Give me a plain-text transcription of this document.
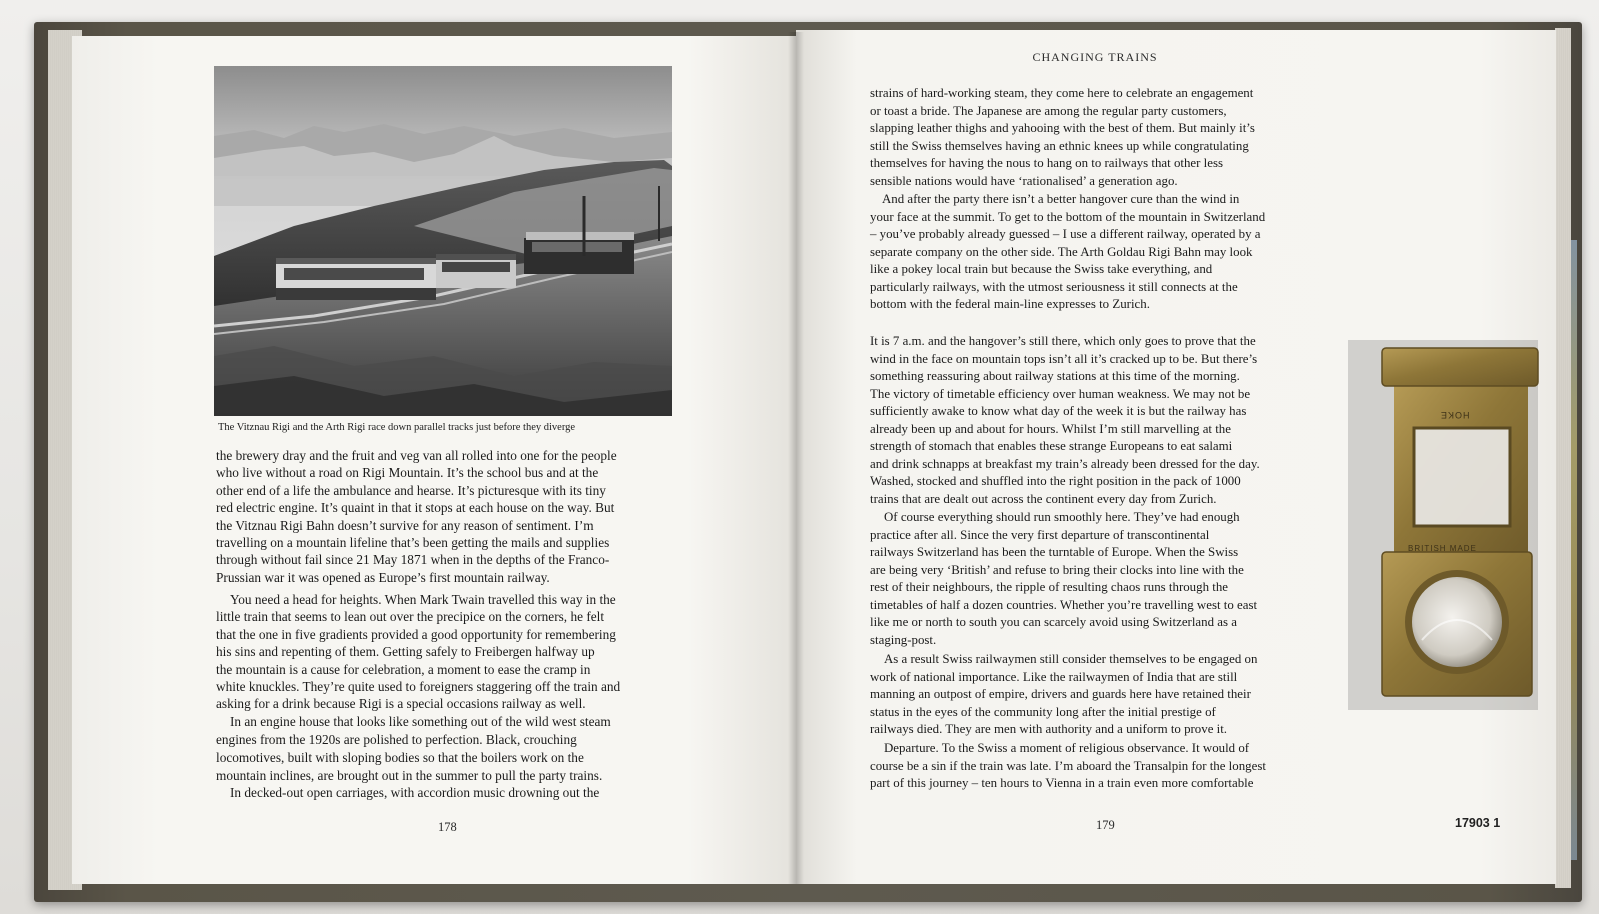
The Vitznau Rigi and the Arth Rigi race down parallel tracks just before they diverge
CHANGING TRAINS
the brewery dray and the fruit and veg van all rolled into one for the people
who live without a road on Rigi Mountain. It’s the school bus and at the
other end of a life the ambulance and hearse. It’s picturesque with its tiny
red electric engine. It’s quaint in that it stops at each house on the way. But
the Vitznau Rigi Bahn doesn’t survive for any reason of sentiment. I’m
travelling on a mountain lifeline that’s been getting the mails and supplies
through without fail since 21 May 1871 when in the depths of the Franco-
Prussian war it was opened as Europe’s first mountain railway.
You need a head for heights. When Mark Twain travelled this way in the
little train that seems to lean out over the precipice on the corners, he felt
that the one in five gradients provided a good opportunity for remembering
his sins and repenting of them. Getting safely to Freibergen halfway up
the mountain is a cause for celebration, a moment to ease the cramp in
white knuckles. They’re quite used to foreigners staggering off the train and
asking for a drink because Rigi is a special occasions railway as well.
In an engine house that looks like something out of the wild west steam
engines from the 1920s are polished to perfection. Black, crouching
locomotives, built with sloping bodies so that the boilers work on the
mountain inclines, are brought out in the summer to pull the party trains.
In decked-out open carriages, with accordion music drowning out the
strains of hard-working steam, they come here to celebrate an engagement
or toast a bride. The Japanese are among the regular party customers,
slapping leather thighs and yahooing with the best of them. But mainly it’s
still the Swiss themselves having an ethnic knees up while congratulating
themselves for having the nous to hang on to railways that other less
sensible nations would have ‘rationalised’ a generation ago.
And after the party there isn’t a better hangover cure than the wind in
your face at the summit. To get to the bottom of the mountain in Switzerland
– you’ve probably already guessed – I use a different railway, operated by a
separate company on the other side. The Arth Goldau Rigi Bahn may look
like a pokey local train but because the Swiss take everything, and
particularly railways, with the utmost seriousness it still connects at the
bottom with the federal main-line expresses to Zurich.
It is 7 a.m. and the hangover’s still there, which only goes to prove that the
wind in the face on mountain tops isn’t all it’s cracked up to be. But there’s
something reassuring about railway stations at this time of the morning.
The victory of timetable efficiency over human weakness. We may not be
sufficiently awake to know what day of the week it is but the railway has
already been up and about for hours. Whilst I’m still marvelling at the
strength of stomach that enables these strange Europeans to eat salami
and drink schnapps at breakfast my train’s already been dressed for the day.
Washed, stocked and shuffled into the right position in the pack of 1000
trains that are dealt out across the continent every day from Zurich.
Of course everything should run smoothly here. They’ve had enough
practice after all. Since the very first departure of transcontinental
railways Switzerland has been the turntable of Europe. When the Swiss
are being very ‘British’ and refuse to bring their clocks into line with the
rest of their neighbours, the ripple of resulting chaos runs through the
timetables of half a dozen countries. Whether you’re travelling west to east
like me or north to south you can scarcely avoid using Switzerland as a
staging-post.
As a result Swiss railwaymen still consider themselves to be engaged on
work of national importance. Like the railwaymen of India that are still
manning an outpost of empire, drivers and guards here have retained their
status in the eyes of the community long after the initial prestige of
railways died. They are men with authority and a uniform to prove it.
Departure. To the Swiss a moment of religious observance. It would of
course be a sin if the train was late. I’m aboard the Transalpin for the longest
part of this journey – ten hours to Vienna in a train even more comfortable
178	179	17903 1
HOKE
BRITISH MADE
